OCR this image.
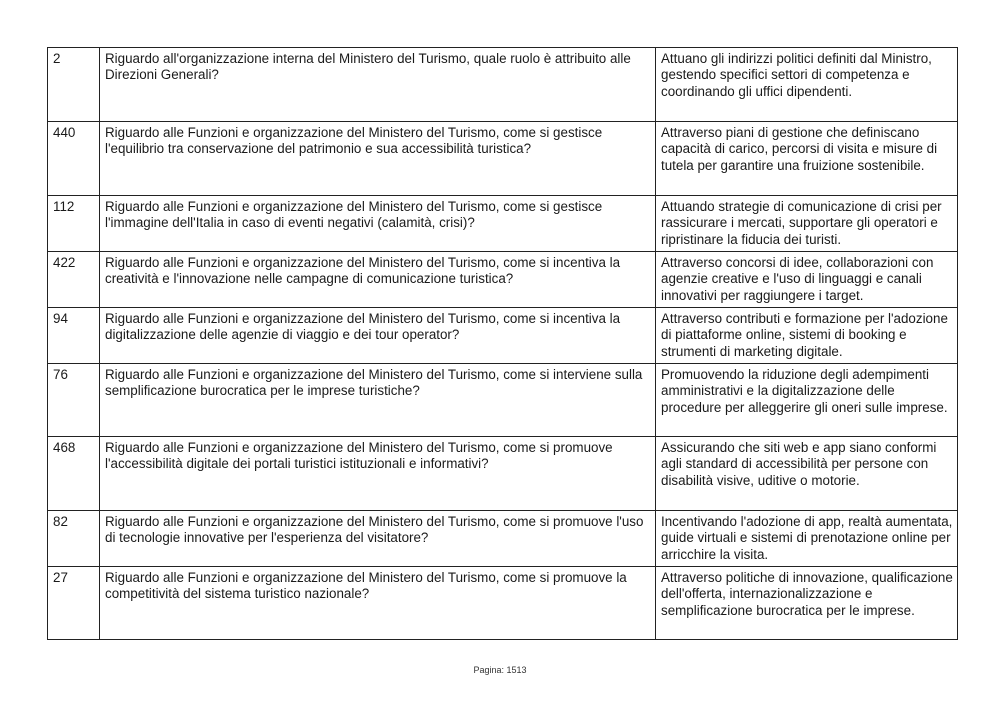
2	Riguardo all'organizzazione interna del Ministero del Turismo, quale ruolo è attribuito alle Direzioni Generali?	Attuano gli indirizzi politici definiti dal Ministro, gestendo specifici settori di competenza e coordinando gli uffici dipendenti.
440	Riguardo alle Funzioni e organizzazione del Ministero del Turismo, come si gestisce l'equilibrio tra conservazione del patrimonio e sua accessibilità turistica?	Attraverso piani di gestione che definiscano capacità di carico, percorsi di visita e misure di tutela per garantire una fruizione sostenibile.
112	Riguardo alle Funzioni e organizzazione del Ministero del Turismo, come si gestisce l'immagine dell'Italia in caso di eventi negativi (calamità, crisi)?	Attuando strategie di comunicazione di crisi per rassicurare i mercati, supportare gli operatori e ripristinare la fiducia dei turisti.
422	Riguardo alle Funzioni e organizzazione del Ministero del Turismo, come si incentiva la creatività e l'innovazione nelle campagne di comunicazione turistica?	Attraverso concorsi di idee, collaborazioni con agenzie creative e l'uso di linguaggi e canali innovativi per raggiungere i target.
94	Riguardo alle Funzioni e organizzazione del Ministero del Turismo, come si incentiva la digitalizzazione delle agenzie di viaggio e dei tour operator?	Attraverso contributi e formazione per l'adozione di piattaforme online, sistemi di booking e strumenti di marketing digitale.
76	Riguardo alle Funzioni e organizzazione del Ministero del Turismo, come si interviene sulla semplificazione burocratica per le imprese turistiche?	Promuovendo la riduzione degli adempimenti amministrativi e la digitalizzazione delle procedure per alleggerire gli oneri sulle imprese.
468	Riguardo alle Funzioni e organizzazione del Ministero del Turismo, come si promuove l'accessibilità digitale dei portali turistici istituzionali e informativi?	Assicurando che siti web e app siano conformi agli standard di accessibilità per persone con disabilità visive, uditive o motorie.
82	Riguardo alle Funzioni e organizzazione del Ministero del Turismo, come si promuove l'uso di tecnologie innovative per l'esperienza del visitatore?	Incentivando l'adozione di app, realtà aumentata, guide virtuali e sistemi di prenotazione online per arricchire la visita.
27	Riguardo alle Funzioni e organizzazione del Ministero del Turismo, come si promuove la competitività del sistema turistico nazionale?	Attraverso politiche di innovazione, qualificazione dell'offerta, internazionalizzazione e semplificazione burocratica per le imprese.
Pagina: 1513
